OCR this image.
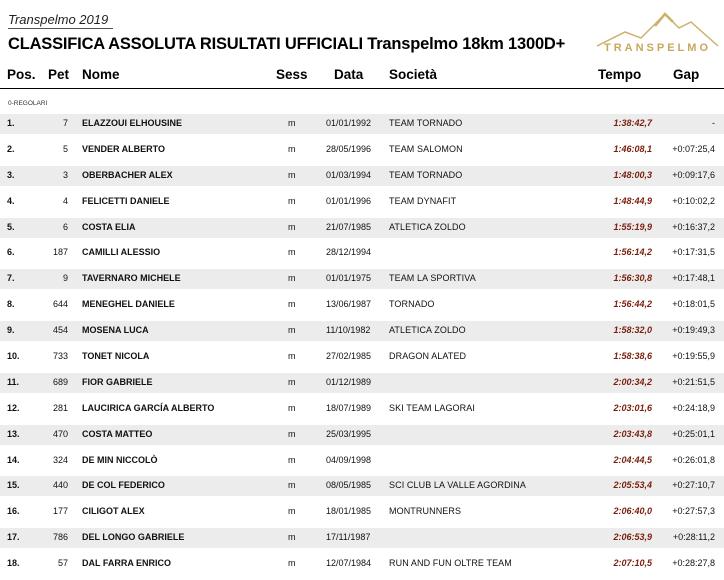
Transpelmo 2019
CLASSIFICA ASSOLUTA RISULTATI UFFICIALI Transpelmo 18km 1300D+	TRANSPELMO
Pos. Pet Nome	Sess Data Società	Tempo Gap
0-REGOLARI
1.	7 ELAZZOUI ELHOUSINE	m	01/01/1992 TEAM TORNADO	1:38:42,7	-
2.	5 VENDER ALBERTO	m	28/05/1996 TEAM SALOMON	1:46:08,1	+0:07:25,4
3.	3 OBERBACHER ALEX	m	01/03/1994 TEAM TORNADO	1:48:00,3	+0:09:17,6
4.	4 FELICETTI DANIELE	m	01/01/1996 TEAM DYNAFIT	1:48:44,9	+0:10:02,2
5.	6 COSTA ELIA	m	21/07/1985 ATLETICA ZOLDO	1:55:19,9	+0:16:37,2
6.	187 CAMILLI ALESSIO	m	28/12/1994	1:56:14,2	+0:17:31,5
7.	9 TAVERNARO MICHELE	m	01/01/1975 TEAM LA SPORTIVA	1:56:30,8	+0:17:48,1
8.	644 MENEGHEL DANIELE	m	13/06/1987 TORNADO	1:56:44,2	+0:18:01,5
9.	454 MOSENA LUCA	m	11/10/1982 ATLETICA ZOLDO	1:58:32,0	+0:19:49,3
10.	733 TONET NICOLA	m	27/02/1985 DRAGON ALATED	1:58:38,6	+0:19:55,9
11.	689 FIOR GABRIELE	m	01/12/1989	2:00:34,2	+0:21:51,5
12.	281 LAUCIRICA GARCÍA ALBERTO	m	18/07/1989 SKI TEAM LAGORAI	2:03:01,6	+0:24:18,9
13.	470 COSTA MATTEO	m	25/03/1995	2:03:43,8	+0:25:01,1
14.	324 DE MIN NICCOLÒ	m	04/09/1998	2:04:44,5	+0:26:01,8
15.	440 DE COL FEDERICO	m	08/05/1985 SCI CLUB LA VALLE AGORDINA	2:05:53,4	+0:27:10,7
16.	177 CILIGOT ALEX	m	18/01/1985 MONTRUNNERS	2:06:40,0	+0:27:57,3
17.	786 DEL LONGO GABRIELE	m	17/11/1987	2:06:53,9	+0:28:11,2
18.	57 DAL FARRA ENRICO	m	12/07/1984 RUN AND FUN OLTRE TEAM	2:07:10,5	+0:28:27,8
